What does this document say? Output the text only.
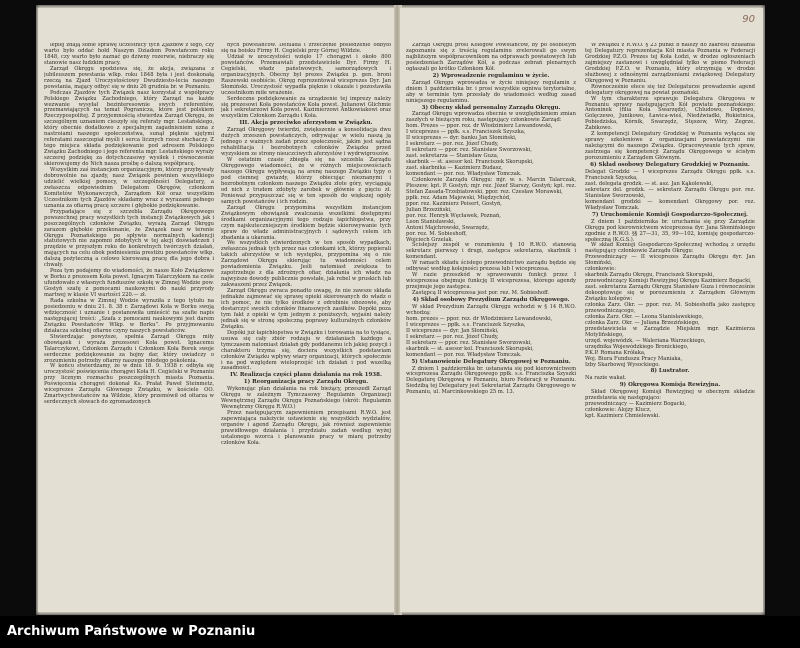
lepiej zdają sobie sprawę uczestnicy tych Zjazdów z tego, czy warto było oddać hołd Naszym Dziadom Powstańcom roku 1848, czy warto było zaznać go dziwny rozerwie, niebraczy się stanowie nasz łudzkim pracy.

Zarząd Okręgu spodziewa się, że akcja, związana z jubileuszem powstania wlkp. roku 1848 była i jest doskonałą rzeczą na Zjazd Uroczystościowy Dwudziesto-lecia naszego powstania, mający odbyć się w dniu 26 grudnia br. w Poznaniu.

Podczas Zjazdów tych Związek nasz korzystał z współpracy Polskiego Związku Zachodniego, który Zarząd na każde wezwanie wysyłał bezinteresownie swych referentów, przemawiających na temat Pogranicza, które jest polskiem Rzeczypospolitej. Z przyjemnością stwierdza Zarząd Okręgu, że szczególnym uznaniem cieszyły się referaty mgr. Lestańskiego, który obecnie dodatkowo z specjalnym zagadnieniem uzna z nastroiami naszego społeczeństwa, sunął pięknie ujętymi referatami zaszczepiał myśli i serca licznych rzesz słuchaczy. Z tego miejsca składa podziękowanie pod adresem Polskiego Związku Zachodniego i jego referenta mgr. Lestańskiego wyraży szczerej podziękę za dotychczasowy wysiłek i równoczesnie skierowujemy do Nich nasza prośbę o dalszą współpracę.

Wszystkim zaś instancjom organizacyjnym, którzy przybywały dobrowolnie na zjazdy, nasz Związek powinien wszystkiego udzielić wielkiej pomocy, w szczególności Delegatury, a zwłaszcza odpowiednim Delegatom Okręgów, członkom Komitetów Wykonawczych, Zarządom Kół oraz wszystkim Uczestnikom tych Zjazdów składamy wraz z wyrazami pełnego uznania za ofiarną pracę szczere i głębokie podziękowanie.

Przypadające się z szczebla Zarządu Okręgowego powszechnej pracy wszystkich tych instancji Związkowych jak i poszczególnych członków Związku, wyrażą Zarząd Okręgu zarazem głębokie przekonanie, że Związek nasz w terenie Okręgu Poznańskiego po spływie normalnych kadencji statutowych nie zapomni zdobytych w tej akcji doświadczeń i przędzie w przyszłym roku do konkretnych twórczych działań, mających na celu obok podniesienia prestiżu powstańców wlkp. dalszą pożyteczną a celowo kierowaną pracę dla jego dobra i chwały.

Poza tym podajemy do wiadomości, że nasze Koło Związkowe w Borku z prezesem Koła powst. Ignacym Talarczykiem na czele ufundowało z własnych funduszów szkołę w Zimnej Wodzie pow. Gostyń szafę z pomocami naukowymi do nauki przyrody martwej w klasie VI wartości 220.— zł.

Rada szkolna w Zimnej Wodzie wyraziła z tego tytułu na posiedzeniu w dniu 21. 8. 38 r. Zarządowi Koła w Borku swoją wdzięczność i uznanie i postanowiła umieścić na szafie napis następującej treści: „Szafa z pomocami naukowymi jest darem Związku Powstańców Wlkp. w Borku”. Po przyjmowaniu działacza szkolnej ofiarne czyny naszych powstańców.

Stwierdzając powyższe, spełnia Zarząd Okręgu miły obowiązek i wyraża prezesowi Koła powst. Ignacemu Talarczykowi, Członkom Zarządu i Członkom Koła Borek swoje serdeczne podziękowanie za hojny dar, który uwiadczy o zrozumieniu potrzeby ofiarny naszego młodego pokolenia.

W końcu stwierdzamy, że w dniu 18. 9. 1938 r. odbyła się uroczystość poświęcenia chorągwi Koła H. Cegielski w Poznaniu przy licznym rozmachu poszczególnych miasta Poznania. Poświęcenia chorągwi dokonał Ks. Prałat Paweł Steinmetz, wiceprezes Zarządu Głównego Związku, w kościele OO. Zmartwychwstańców na Wildzie, który przemówił od ołtarza w serdecznych słowach do zgromadzonych

nych powstańców. Defilada i zrzeczenie posiedzenie odbyło się na boisku Firmy H. Cegielski przy Górnej Wildzie.

Udział w uroczystości wzięło 17 chorągwi i około 800 powstańców. Przemawiali przedstawiciele Dyr. Firmy H. Cegielski, władz państwowych, samorządowych i organizacyjnych. Obecny był prezes Związku p. gen. broni Raszewski osobiście. Okręg reprezentował wiceprezes Dyr. Jan Słomiński. Uroczystość wypadła pięknie i okazale i pozostawiła uczestnikom miłe wrażenie.

Serdeczne podziękowanie za urządzenie tej imprezy należy się prezesowi Koła powstańców Koła powst. Julianowi Glichmie jak i sekretarzowi Koła powst. Kazimierzowi Antkowiakowi oraz wszystkim Członkom Zarządu i Koła.

III. Akcja przeciwko aferzystom w Związku.

Zarząd Okręgowy twierdzi, zwiększenie a konsolidacja dwu dużych zrzeszeń powstańczych, odrywając w wielu naszą ją jednego z ważnych zadań przez społeczność, jakim jest sądna rehabilitacja i bezrobotnych członków Związku przed wyzyskiem ze strony nieuczciwych aferzystów i wydrwigroszów.

W ostatnim czasie zbiegła się na szczebla Zarządu Okręgowego wiadomości, że w różnych miejscowościach naszego Okręgu wypływają na arenę naszego Związku typy o pod ciemnej gwiazdy, którzy obiecując nieznanymi i bezrobotnym członkom naszego Związku złote góry, wyciągają od nich z trudem zdobyty zarobek w głównie z pięciu zł. Ponieważ przypuszczać się w ten sposób do większej ogóły samych powstańców i ich rodzin.

Zarząd Okręgu przypomina wszystkim instancjom Związkowym obowiązek zwalczania wszelkimi dostępnymi środkami organizacyjnymi tego rodzaju łapichłopstwa, przy czym najskuteczniejszym środkiem będzie skierowywanie tych spraw do władz administracyjnych i sądowych celem ich zbadania a ukarania.

We wszystkich stwierdzonych w ten sposób wypadkach, zwłaszcza jednak tych przez nas członkami ich, którzy popierali takich aferzystów w ich występku, przypomina się o nie Zarządowi Okręgu skierując tu wiadomości celem powiadomienia Związku. Jeśli natomiast zwiększa to zapotrzebuje z dla zdrożnych ofiar, działania ich władz na najwyższe dowody publicznie powstałe, jak rebel w pruskich lub zakwaszeni przez Związek.

Zarząd Okręgu zwraca ponadto uwagę, że nie zawsze składa jednakże zajmować się sprawę opieki skierowanych do władz o ich pomoc, że nie tylko środków z odrobinie obozowie, aby dostarczyć swoich członków finansowych zasiłków. Dopóki poza tym fakt z opieki w tym jednym z poniższych, wyjaśni należy jednak się w stronę społeczną poprawy kulturalnych członków Związku.

Dopóki już łapichłopstwa w Związku i torowania na to tysiące, usuwa się cały zbiór rodzaju w działaniach każdego a tymczasem natomiast działań gdy poddanemu ich jakiej pozycji i charakteru trzyma się, dociera wszystkich podstawiam członków Związku wpływy wiary organizacji, których społecznie i na pod względem wieloprzejść ich działań i pod wszelką zasadności.

IV. Realizacja części planu działania na rok 1938.

1) Reorganizacja pracy Zarządu Okręgu.

Wykonując plan działania na rok bieżący, przeszedł Zarząd Okręgu w zależnym Tymczasowy Regulamin Organizacji Wewnętrznej Zarządu Okręgu Poznańskiego (skrót: Regulamin Wewnętrzny Okręgu R.W.O.)

Przez następującym zapewnieniem przepisami R.W.O. jest zapewniająca należycie ustawienie się wszystkich wydziałów, organów i agend Zarządu Okręgu, jak również zapewnienie prawidłowego działania i przydziału zadań według wyżej ustalonego wzorca i planowanie pracy w miarę potrzeby członków Koła.

90

Zarząd Okręgu prosi Kolegów Powstańców, by po osobistym zapoznaniu się z treścią regulaminu zrelerowali go swym najbliższym współpracownikom na odprawach powiatowych lub posiedzeniach Zarządów Kół, a podczas zebrań plenarnych ogłaszali go krótko Członkom Kół.

2) Wprowadzenie regulaminu w życie.

Zarząd Okręgu wprowadza w życie niniejszy regulamin z dniem 1 października br. i prosi wszystkie ogniwa terytorialne, aby w terminie tym przesłały do wiadomości według zasad niniejszego regulaminu.

3) Obecny skład personalny Zarządu Okręgu.

Zarząd Okręgu wprowadza obecnie w uwzględnieniem zmian zaszłych w bieżącym roku, następujący członkowie Zarząd:

hom. Prezes — ppor. rez. dr Włodzimierz Lewandowski,

I wiceprezes — ppłk. s.s. Franciszek Szyszka,

II wiceprezes — dyr. banku Jan Słomiński,

I sekretarz — por. rez. Józef Chudy,

II sekretarz — ppor. rez. Stanisław Sworzowski,

zast. sekretarza — Stanisław Guza,

skarbnik — st. asesor kol. Franciszek Skorupski,

zast. skarbnika — Kazimierz Budasz,

komendant — por. rez. Władysław Tomczak.

Członkowie Zarządu Okręgu: mjr. w. s. Marcin Talarczak, Pleszew; kpt. P. Gostyń; mjr. rez. Józef Starszy, Gostyń; kpt. rez. Stefan Zasada-Trzebiatowski, ppor. rez. Czesław Morawski,

ppłk. rez. Adam Majewski, Międzychód,

ppor. rez. Kazimierz Peisert, Gostyń,

Julian Brzeziński,

por. rez. Henryk Węcławek, Poznań,

Leon Stanisławski,

Antoni Majchrowski, Swarzędz,

por. rez. M. Sobieshoff,

Wojciech Grzelak.

Ścisłejszy zespół w rozumieniu § 10 R.W.O. stanowią sekretarz pierwszy i drugi, zastępca sekretarza, skarbnik i komendant.

W ramach składu ścisłego przewodnictwo zarządu będzie się odbywać według kolejności prezesa lub I wiceprezesa.

W razie przeszkód w sprawowaniu funkcji przez I wiceprezesa obejmuje funkcję II wiceprezesa, którego agendy przejmuje jego zastępca.

Zastępcą II wiceprezesa jest por. rez. M. Sobieshoff.

4) Skład osobowy Prezydium Zarządu Okręgowego.

W skład Prezydium Zarządu Okręgu wchodzi w § 14 R.W.O. wchodzą:

hom. prezes — ppor. rez. dr Włodzimierz Lewandowski,

I wiceprezes — ppłk. s.s. Franciszek Szyszka,

II wiceprezes — dyr. Jan Słomiński,

I sekretarz — por. rez. Józef Chudy,

II sekretarz — ppor. rez. Stanisław Sworzowski,

skarbnik — st. asesor kol. Franciszek Skorupski,

komendant — por. rez. Władysław Tomczak.

5) Ustanowienie Delegatury Okręgowej w Poznaniu.

Z dniem 1 października br. ustanawia się pod kierownictwem wiceprezesa Zarządu Okręgowego ppłk. s.s. Franciszka Szyszki Delegaturę Okręgową w Poznaniu, biuro Federacji w Poznaniu. Siedzibą tej Delegatury jest Sekretariat Zarządu Okręgowego w Poznaniu, ul. Marcinkowskiego 25 m. 13.

W związku z R.W.O. § 23 punkt b należy do zakresu działania tej Delegatury reprezentacja Kół miasta Poznania w Federacji Grodzkiej P.Z.O. Prezes tej Koła Łodzi, w drodze ogłoszeniach zajmiejszy zastanowi i uwzględniał tylko w pismo Federacji Grodzkiej P.Z.O. w Poznaniu, który otrzymują w drodze służbowej z odnośnymi zarządzeniami związkowej Delegatury Okręgowej w Poznaniu.

Równocześnie ełece się też Delegaturze prowadzenie agend delegatury okręgowej na powiat poznański.

W tym charakterze sprawuje Delegatura Okręgowa w Poznaniu sprawy następujących Kół powiatu poznańskiego: Antoninek (filia Koła Swarzędz), Chludowo, Dopiewo, Golęczewo, Junikowo, Ławica-wieś, Niedźwiadki, Rokietnica, Pobiedziska, Kórnik, Swarzędz, Stęszew, Wiry, Zegrze, Żabikowo.

Z kompetencji Delegatury Grodzkiej w Poznaniu wyłącza się sprawy szkoleniowe z organizacjami powstańczymi nie należącymi do naszego Związku. Opracowywanie tych spraw, zastrzega się kompetencji Zarządu Okręgowego w ścisłym porozumieniu z Zarządem Głównym.

6) Skład osobowy Delegatury Grodzkiej w Poznaniu.

Delegat Grodzki — I wiceprezes Zarządu Okręgu ppłk. s.s. Franciszek Szyszka,

zast. delegata grodzk. — st. asz. Jan Kąkolewski,

sekretarz del. grodzk. — sekretarz Zarządu Okręgu por. rez. Stanisław Sworzowski,

komendant grodzki — komendant Okręgowy por. rez. Władysław Tomczak.

7) Uruchomienie Komisji Gospodarczo-Społecznej.

Z dniem 1 października br. uruchamia się przy Zarządzie Okręgu pod kierownictwem wiceprezesa dyr. Jana Słomińskiego zgodnie z R.W.O. §§ 27—31, 35, 99—102, komisję gospodarczo-społeczną (K.G.S.).

W skład Komisji Gospodarczo-Społecznej wchodzą z urzędu następujący członkowie Zarządu Okręgu:

Przewodniczący — II wiceprezes Zarządu Okręgu dyr. Jan Słomiński,

członkowie:

skarbnik Zarządu Okręgu, Franciszek Skorupski,

przewodniczący Komisji Rewizyjnej Okręgu Kazimierz Bogacki,

zast. sekretarza Zarządu Okręgu Stanisław Guza i równocześnie dokooptowuje się w porozumieniu z Zarządem Głównym Związku kolegów:

członka Zarz. Okr. — ppor. rez. M. Sobieshoffa jako zastępcę przewodniczącego,

członka Zarz. Okr. — Leona Stanisławskiego,

członka Zarz. Okr. — Juliana Brzezińskiego,

przedstawiciela w Zarządzie Miejskim mgr. Kazimierza Motylińskiego,

urzęd. wojewódzk. — Waleriana Warzeckiego,

urzędnika Wojewódzkiego Bronickiego,

P.K.P. Romana Krółaka,

Woj. Biura Funduszu Pracy Maniaka,

Izby Skarbowej Wysockiego.

8) Lustrator.

Na razie wakat.

9) Okręgowa Komisja Rewizyjna.

Skład Okręgowej Komisji Rewizyjnej w obecnym składzie przedstawia się następująco:

przewodniczący — Kazimierz Bogacki,

członkowie: Alojzy Klucz,

kpt. Kazimierz Chmielewski.

Archiwum Państwowe w Poznaniu
